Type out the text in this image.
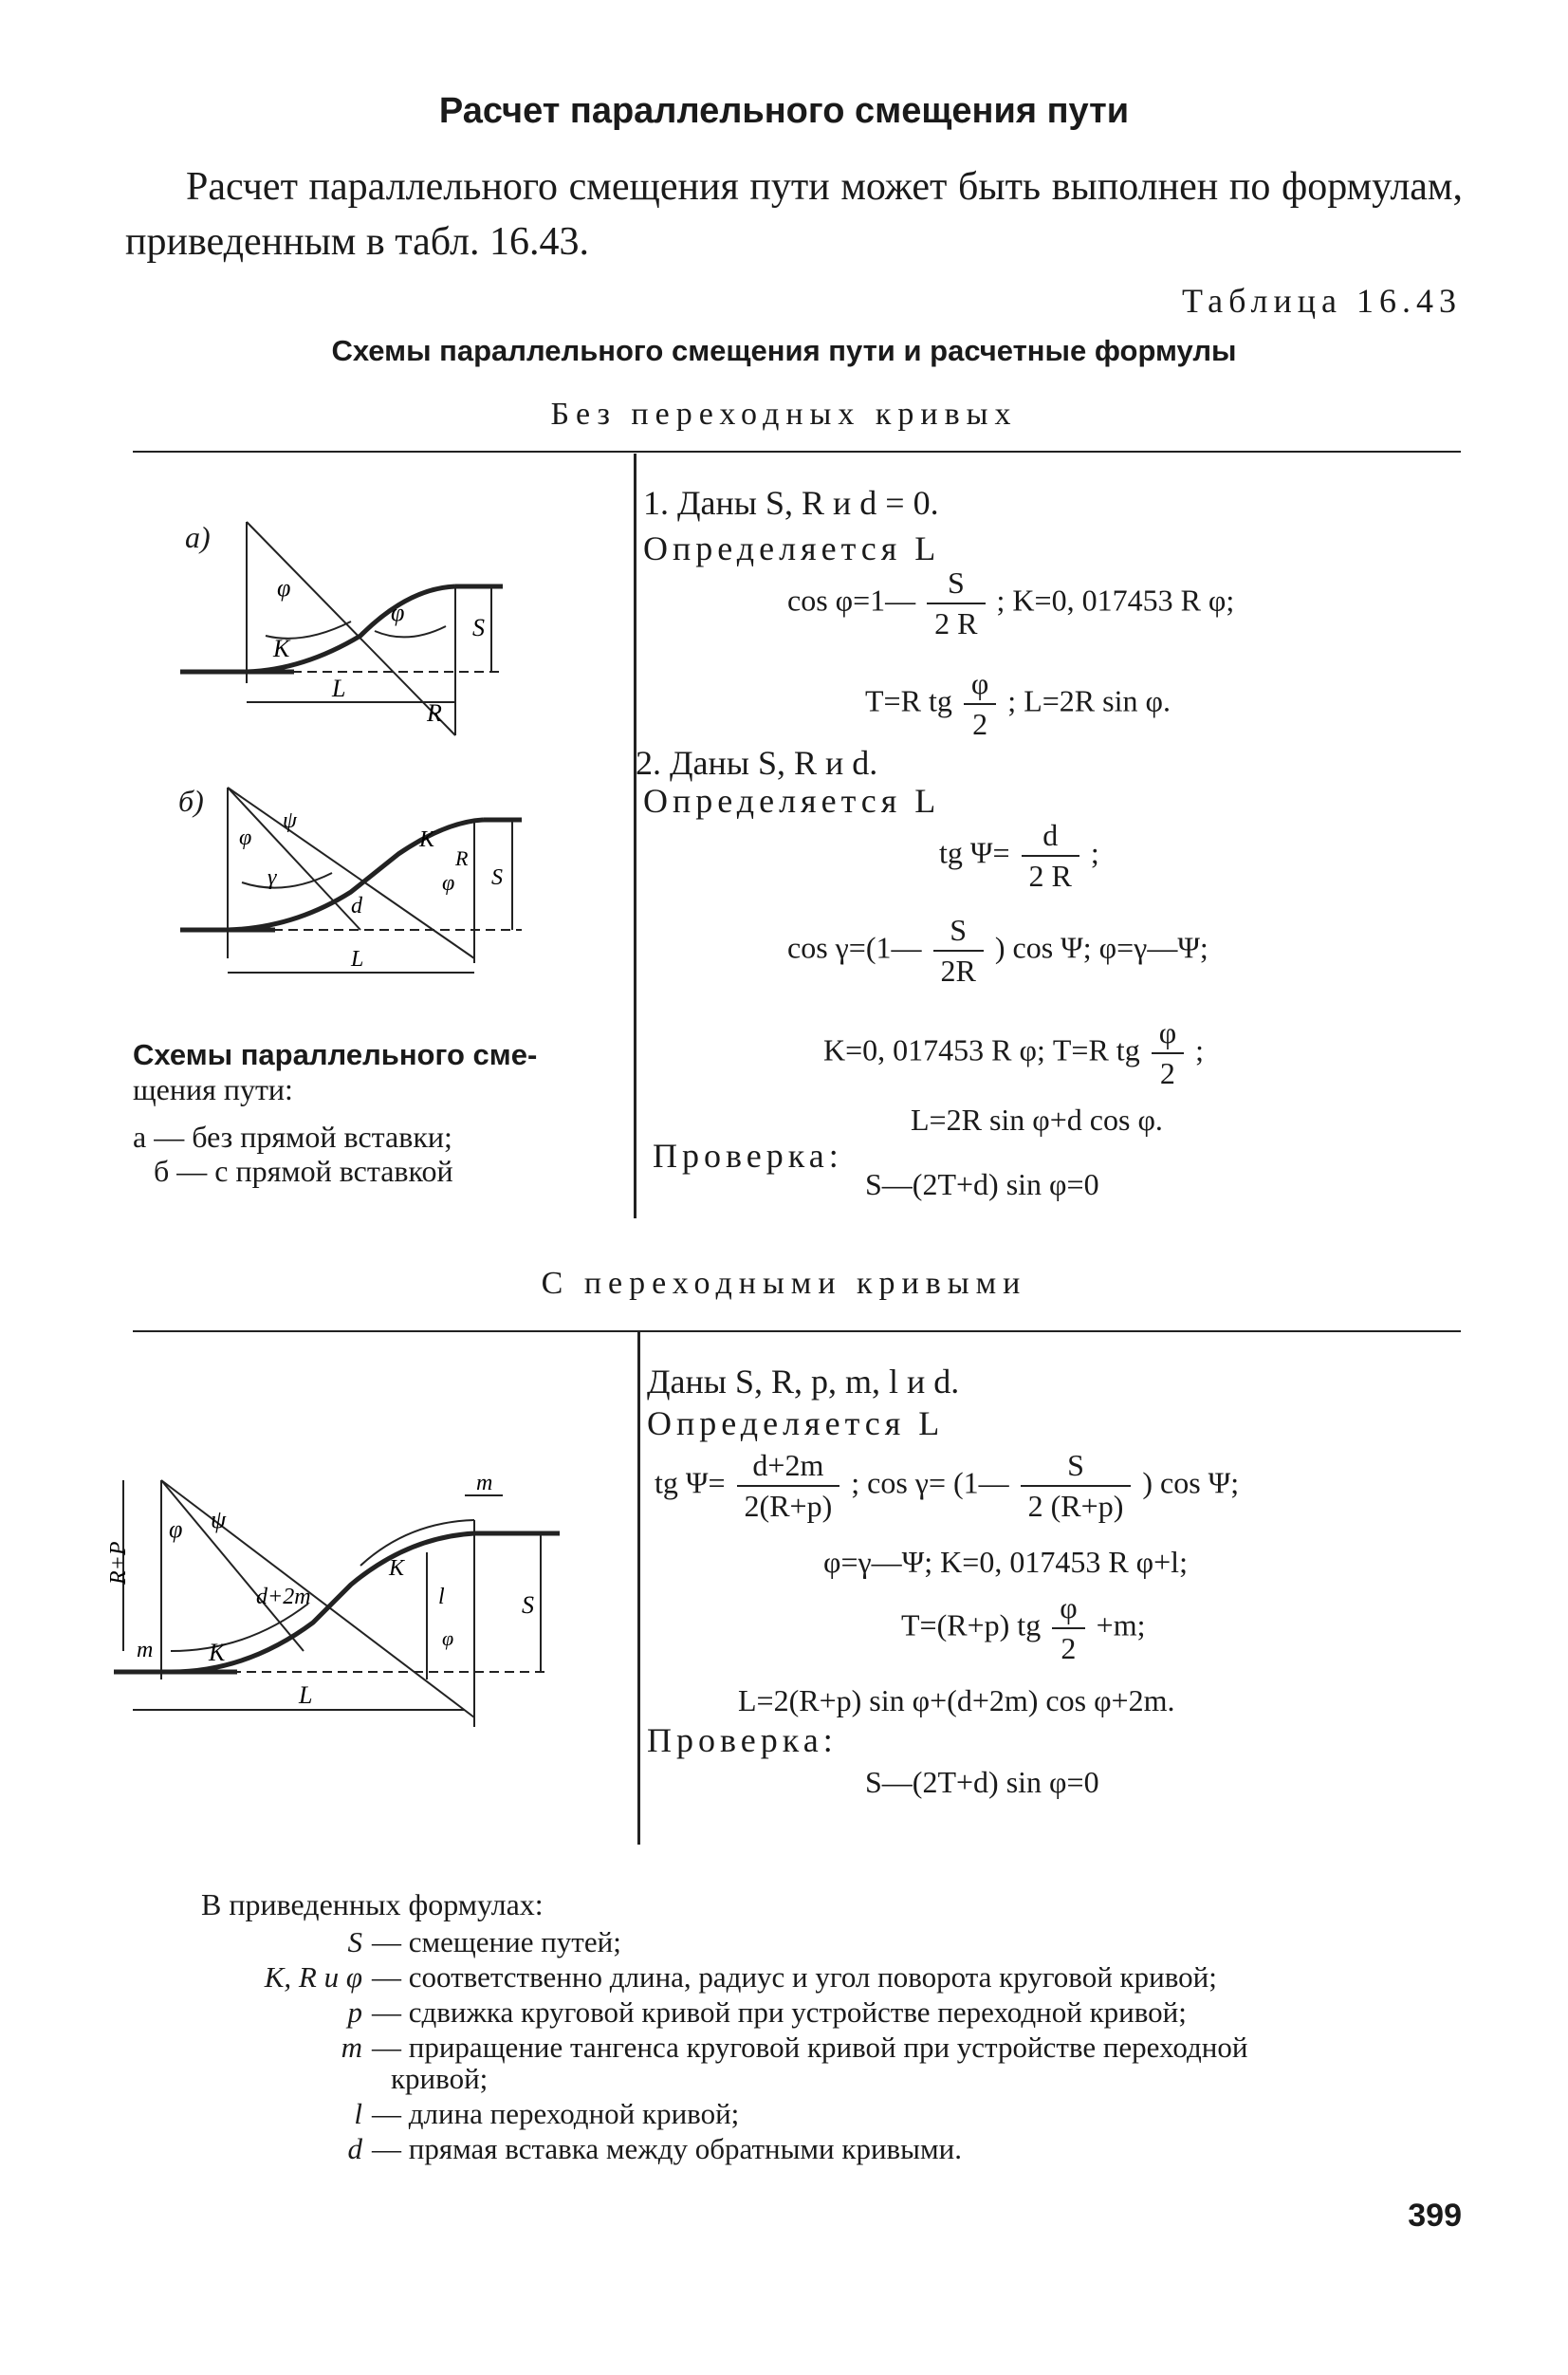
Расчет параллельного смещения пути
Расчет параллельного смещения пути может быть выполнен по формулам, приведенным в табл. 16.43.
Таблица 16.43
Схемы параллельного смещения пути и расчетные формулы
Без переходных кривых
φ
K
φ
S
L
R
а)
φ
ψ
γ
d
K
φ
R
S
L
б)
Схемы параллельного сме-
щения пути:
а — без прямой вставки;
б — с прямой вставкой
1. Даны S, R и d = 0.
Определяется L
cos φ=1— $\frac{S}{2 R}$ ; K=0, 017453 R φ;
T=R tg $\frac{\varphi}{2}$ ; L=2R sin φ.
2. Даны S, R и d.
Определяется L
tg $\Psi= \frac{d}{2 R}$ ;
cos γ=(1— $\frac{S}{2R}$ ) cos Ψ; φ=γ—Ψ;
K=0, 017453 R φ; T=R tg $\frac{\varphi}{2}$ ;
L=2R sin φ+d cos φ.
Проверка:
S—(2T+d) sin φ=0
С переходными кривыми
R+P
φ ψ
d+2m
m K
K
l
m
S
L
φ
Даны S, R, p, m, l и d.
Определяется L
tg $\Psi= \frac{d+2m}{2(R+p)}$ ; cos γ= (1— $\frac{S}{2 (R+p)}$ ) cos Ψ;
φ=γ—Ψ; K=0, 017453 R φ+l;
T=(R+p) tg $\frac{\varphi}{2} +m$;
L=2(R+p) sin φ+(d+2m) cos φ+2m.
Проверка:
S—(2T+d) sin φ=0
В приведенных формулах:
S — смещение путей;
K, R и φ — соответственно длина, радиус и угол поворота круговой кривой;
p — сдвижка круговой кривой при устройстве переходной кривой;
m — приращение тангенса круговой кривой при устройстве переходной
кривой;
l — длина переходной кривой;
d — прямая вставка между обратными кривыми.
399
